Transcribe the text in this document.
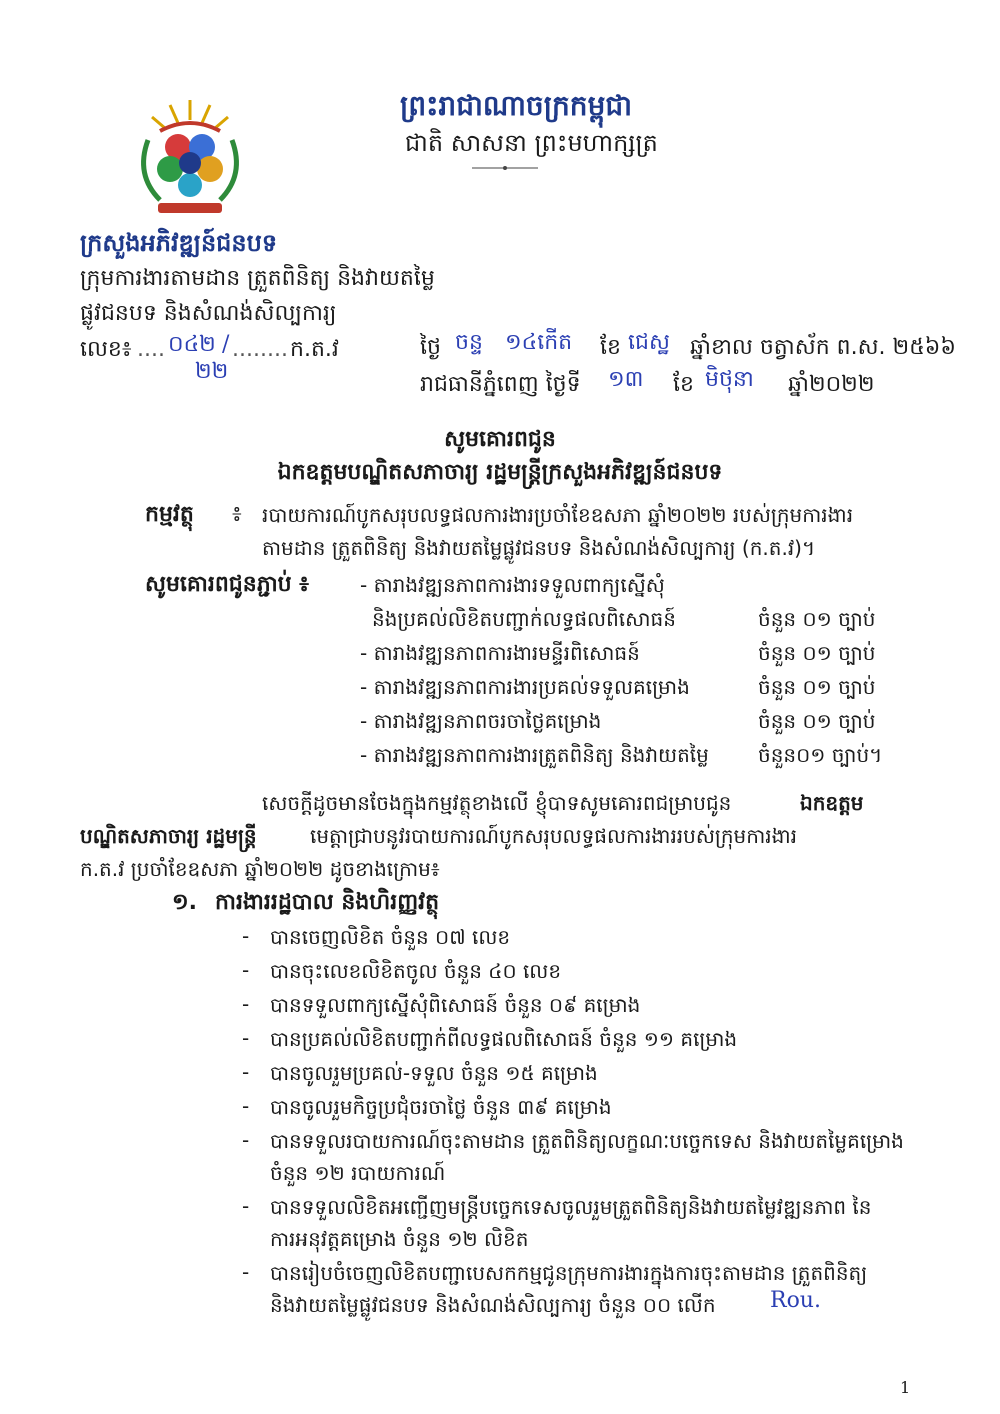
ព្រះរាជាណាចក្រកម្ពុជា
ជាតិ សាសនា ព្រះមហាក្សត្រ
ក្រសួងអភិវឌ្ឍន៍ជនបទ
ក្រុមការងារតាមដាន ត្រួតពិនិត្យ និងវាយតម្លៃ
ផ្លូវជនបទ និងសំណង់សិល្បការ្យ
លេខ៖ .... ០៤២ / ........ ក.ត.វ
២២
ថ្ងៃ ចន្ទ ១៤កើត ខែ ជេស្ឋ ឆ្នាំខាល ចត្វាស័ក ព.ស. ២៥៦៦
រាជធានីភ្នំពេញ ថ្ងៃទី ១៣ ខែ មិថុនា ឆ្នាំ២០២២
សូមគោរពជូន
ឯកឧត្តមបណ្ឌិតសភាចារ្យ រដ្ឋមន្ត្រីក្រសួងអភិវឌ្ឍន៍ជនបទ
កម្មវត្ថុ ៖ របាយការណ៍បូកសរុបលទ្ធផលការងារប្រចាំខែឧសភា ឆ្នាំ២០២២ របស់ក្រុមការងារ
តាមដាន ត្រួតពិនិត្យ និងវាយតម្លៃផ្លូវជនបទ និងសំណង់សិល្បការ្យ (ក.ត.វ)។
សូមគោរពជូនភ្ជាប់ ៖	- តារាងវឌ្ឍនភាពការងារទទួលពាក្យស្នើសុំ
និងប្រគល់លិខិតបញ្ជាក់លទ្ធផលពិសោធន៍	ចំនួន ០១ ច្បាប់
- តារាងវឌ្ឍនភាពការងារមន្ទីរពិសោធន៍	ចំនួន ០១ ច្បាប់
- តារាងវឌ្ឍនភាពការងារប្រគល់ទទួលគម្រោង	ចំនួន ០១ ច្បាប់
- តារាងវឌ្ឍនភាពចរចាថ្លៃគម្រោង	ចំនួន ០១ ច្បាប់
- តារាងវឌ្ឍនភាពការងារត្រួតពិនិត្យ និងវាយតម្លៃ ចំនួន០១ ច្បាប់។
សេចក្តីដូចមានចែងក្នុងកម្មវត្ថុខាងលើ ខ្ញុំបាទសូមគោរពជម្រាបជូន	ឯកឧត្តម
បណ្ឌិតសភាចារ្យ រដ្ឋមន្ត្រី	មេត្តាជ្រាបនូវរបាយការណ៍បូកសរុបលទ្ធផលការងាររបស់ក្រុមការងារ
ក.ត.វ ប្រចាំខែឧសភា ឆ្នាំ២០២២ ដូចខាងក្រោម៖
១. ការងាររដ្ឋបាល និងហិរញ្ញវត្ថុ
- បានចេញលិខិត ចំនួន ០៧ លេខ
- បានចុះលេខលិខិតចូល ចំនួន ៤០ លេខ
- បានទទួលពាក្យស្នើសុំពិសោធន៍ ចំនួន ០៩ គម្រោង
- បានប្រគល់លិខិតបញ្ជាក់ពីលទ្ធផលពិសោធន៍ ចំនួន ១១ គម្រោង
- បានចូលរួមប្រគល់-ទទួល ចំនួន ១៥ គម្រោង
- បានចូលរួមកិច្ចប្រជុំចរចាថ្លៃ ចំនួន ៣៩ គម្រោង
- បានទទួលរបាយការណ៍ចុះតាមដាន ត្រួតពិនិត្យលក្ខណៈបច្ចេកទេស និងវាយតម្លៃគម្រោង
ចំនួន ១២ របាយការណ៍
- បានទទួលលិខិតអញ្ជើញមន្ត្រីបច្ចេកទេសចូលរួមត្រួតពិនិត្យនិងវាយតម្លៃវឌ្ឍនភាព នៃ
ការអនុវត្តគម្រោង ចំនួន ១២ លិខិត
- បានរៀបចំចេញលិខិតបញ្ជាបេសកកម្មជូនក្រុមការងារក្នុងការចុះតាមដាន ត្រួតពិនិត្យ
និងវាយតម្លៃផ្លូវជនបទ និងសំណង់សិល្បការ្យ ចំនួន ០០ លើក Rou.
1
